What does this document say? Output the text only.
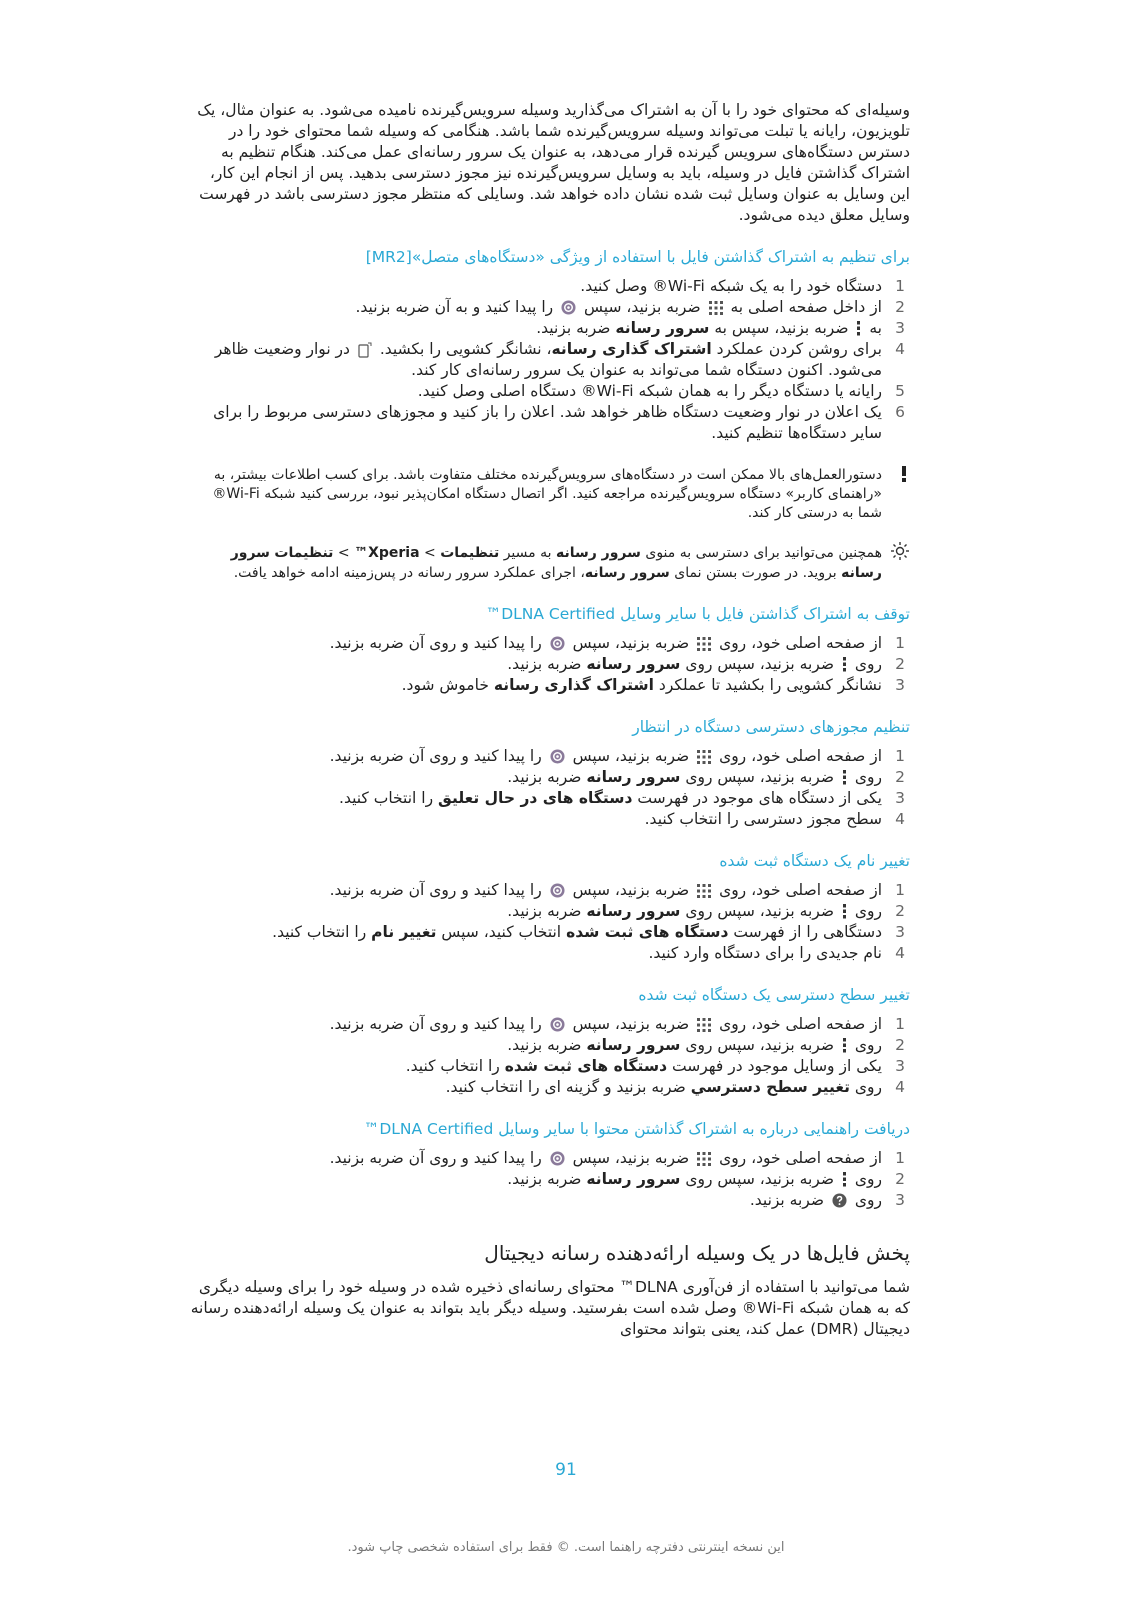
وسیله‌ای که محتوای خود را با آن به اشتراک می‌گذارید وسیله سرویس‌گیرنده نامیده می‌شود. به عنوان مثال، یک تلویزیون، رایانه یا تبلت می‌تواند وسیله سرویس‌گیرنده شما باشد. هنگامی که وسیله شما محتوای خود را در دسترس دستگاه‌های سرویس گیرنده قرار می‌دهد، به عنوان یک سرور رسانه‌ای عمل می‌کند. هنگام تنظیم به اشتراک گذاشتن فایل در وسیله، باید به وسایل سرویس‌گیرنده نیز مجوز دسترسی بدهید. پس از انجام این کار، این وسایل به عنوان وسایل ثبت شده نشان داده خواهد شد. وسایلی که منتظر مجوز دسترسی باشد در فهرست وسایل معلق دیده می‌شود.

برای تنظیم به اشتراک گذاشتن فایل با استفاده از ویژگی «دستگاه‌های متصل»[MR2]
1
دستگاه خود را به یک شبکه Wi-Fi® وصل کنید.
2
از داخل صفحه اصلی به  ضربه بزنید، سپس  را پیدا کنید و به آن ضربه بزنید.
3
به  ضربه بزنید، سپس به سرور رسانه ضربه بزنید.
4
برای روشن کردن عملکرد اشتراک گذاری رسانه، نشانگر کشویی را بکشید.  در نوار وضعیت ظاهر می‌شود. اکنون دستگاه شما می‌تواند به عنوان یک سرور رسانه‌ای کار کند.
5
رایانه یا دستگاه دیگر را به همان شبکه Wi-Fi® دستگاه اصلی وصل کنید.
6
یک اعلان در نوار وضعیت دستگاه ظاهر خواهد شد. اعلان را باز کنید و مجوزهای دسترسی مربوط را برای سایر دستگاه‌ها تنظیم کنید.
دستورالعمل‌های بالا ممکن است در دستگاه‌های سرویس‌گیرنده مختلف متفاوت باشد. برای کسب اطلاعات بیشتر، به «راهنمای کاربر» دستگاه سرویس‌گیرنده مراجعه کنید. اگر اتصال دستگاه امکان‌پذیر نبود، بررسی کنید شبکه Wi-Fi® شما به درستی کار کند.
همچنین می‌توانید برای دسترسی به منوی سرور رسانه به مسیر تنظیمات > Xperia™ > تنظیمات سرور رسانه بروید. در صورت بستن نمای سرور رسانه، اجرای عملکرد سرور رسانه در پس‌زمینه ادامه خواهد یافت.
توقف به اشتراک گذاشتن فایل با سایر وسایل DLNA Certified™
1
از صفحه اصلی خود، روی  ضربه بزنید، سپس  را پیدا کنید و روی آن ضربه بزنید.
2
روی  ضربه بزنید، سپس روی سرور رسانه ضربه بزنید.
3
نشانگر کشویی را بکشید تا عملکرد اشتراک گذاری رسانه خاموش شود.
تنظیم مجوزهای دسترسی دستگاه در انتظار
1
از صفحه اصلی خود، روی  ضربه بزنید، سپس  را پیدا کنید و روی آن ضربه بزنید.
2
روی  ضربه بزنید، سپس روی سرور رسانه ضربه بزنید.
3
یکی از دستگاه های موجود در فهرست دستگاه های در حال تعلیق را انتخاب کنید.
4
سطح مجوز دسترسی را انتخاب کنید.
تغییر نام یک دستگاه ثبت شده
1
از صفحه اصلی خود، روی  ضربه بزنید، سپس  را پیدا کنید و روی آن ضربه بزنید.
2
روی  ضربه بزنید، سپس روی سرور رسانه ضربه بزنید.
3
دستگاهی را از فهرست دستگاه های ثبت شده انتخاب کنید، سپس تغییر نام را انتخاب کنید.
4
نام جدیدی را برای دستگاه وارد کنید.
تغییر سطح دسترسی یک دستگاه ثبت شده
1
از صفحه اصلی خود، روی  ضربه بزنید، سپس  را پیدا کنید و روی آن ضربه بزنید.
2
روی  ضربه بزنید، سپس روی سرور رسانه ضربه بزنید.
3
یکی از وسایل موجود در فهرست دستگاه های ثبت شده را انتخاب کنید.
4
روی تغییر سطح دسترسي ضربه بزنید و گزینه ای را انتخاب کنید.
دریافت راهنمایی درباره به اشتراک گذاشتن محتوا با سایر وسایل DLNA Certified™
1
از صفحه اصلی خود، روی  ضربه بزنید، سپس  را پیدا کنید و روی آن ضربه بزنید.
2
روی  ضربه بزنید، سپس روی سرور رسانه ضربه بزنید.
3
روی  ضربه بزنید.
پخش فایل‌ها در یک وسیله ارائه‌دهنده رسانه دیجیتال

شما می‌توانید با استفاده از فن‌آوری DLNA™ محتوای رسانه‌ای ذخیره شده در وسیله خود را برای وسیله دیگری که به همان شبکه Wi-Fi® وصل شده است بفرستید. وسیله دیگر باید بتواند به عنوان یک وسیله ارائه‌دهنده رسانه دیجیتال (DMR) عمل کند، یعنی بتواند محتوای

91
این نسخه اینترنتی دفترچه راهنما است. © فقط برای استفاده شخصی چاپ شود.
